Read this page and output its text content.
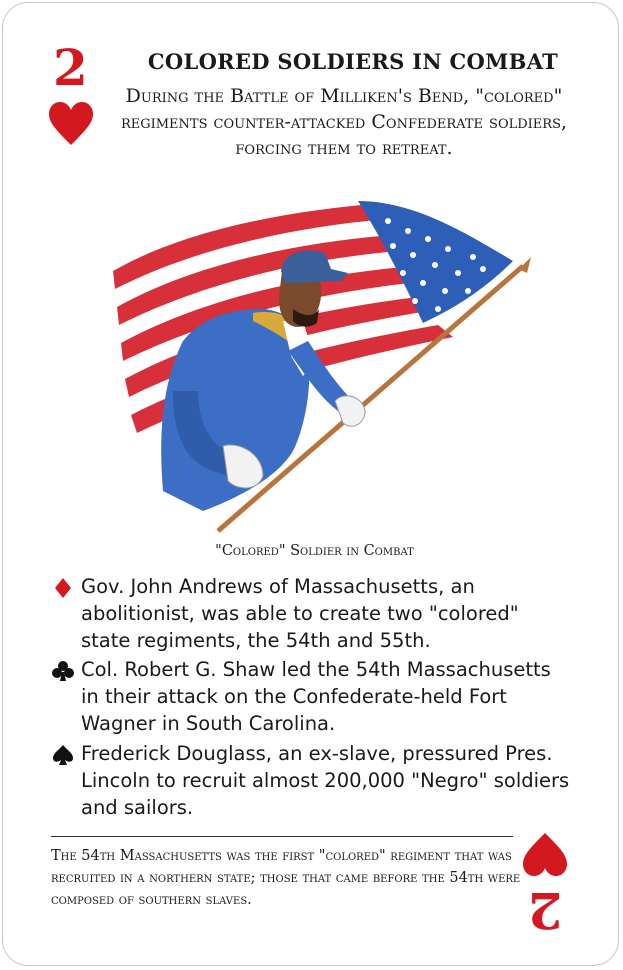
2	COLORED SOLDIERS IN COMBAT
During the Battle of Milliken's Bend, "colored" regiments counter-attacked Confederate soldiers, forcing them to retreat.
"Colored" Soldier in Combat
Gov. John Andrews of Massachusetts, an abolitionist, was able to create two "colored" state regiments, the 54th and 55th.
Col. Robert G. Shaw led the 54th Massachusetts in their attack on the Confederate-held Fort Wagner in South Carolina.
Frederick Douglass, an ex-slave, pressured Pres. Lincoln to recruit almost 200,000 "Negro" soldiers and sailors.
The 54th Massachusetts was the first "colored" regiment that was recruited in a northern state; those that came before the 54th were composed of southern slaves.	2
